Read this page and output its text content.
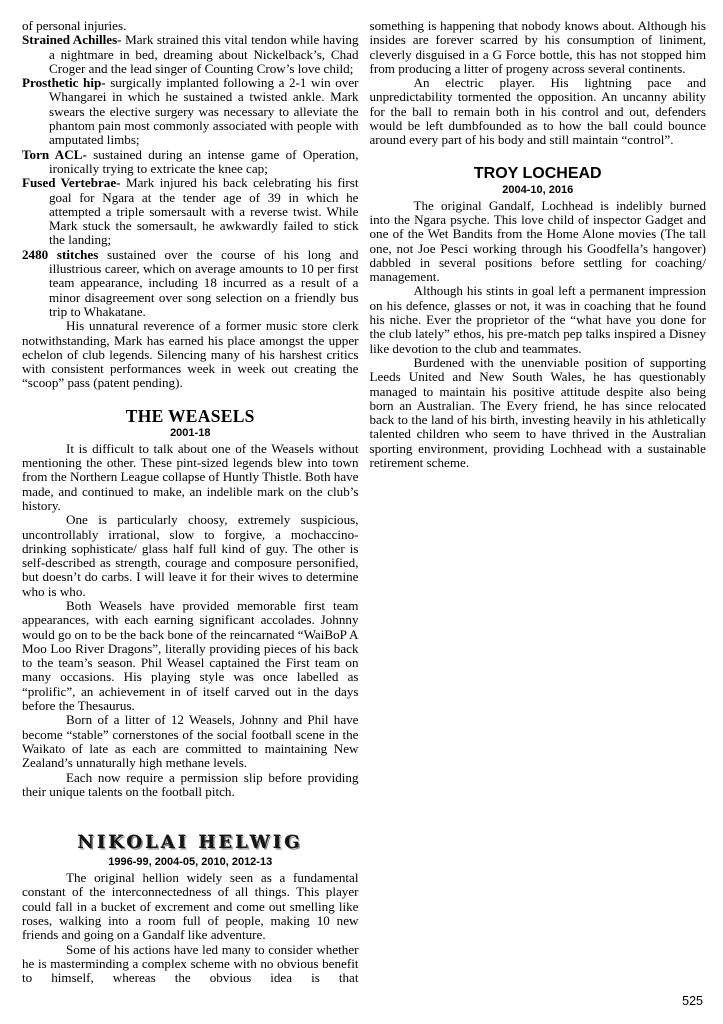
of personal injuries.

Strained Achilles- Mark strained this vital tendon while having a nightmare in bed, dreaming about Nickelback’s, Chad Croger and the lead singer of Counting Crow’s love child;

Prosthetic hip- surgically implanted following a 2-1 win over Whangarei in which he sustained a twisted ankle. Mark swears the elective surgery was necessary to alleviate the phantom pain most commonly associated with people with amputated limbs;

Torn ACL- sustained during an intense game of Operation, ironically trying to extricate the knee cap;

Fused Vertebrae- Mark injured his back celebrating his first goal for Ngara at the tender age of 39 in which he attempted a triple somersault with a reverse twist. While Mark stuck the somersault, he awkwardly failed to stick the landing;

2480 stitches sustained over the course of his long and illustrious career, which on average amounts to 10 per first team appearance, including 18 incurred as a result of a minor disagreement over song selection on a friendly bus trip to Whakatane.

His unnatural reverence of a former music store clerk notwithstanding, Mark has earned his place amongst the upper echelon of club legends. Silencing many of his harshest critics with consistent performances week in week out creating the “scoop” pass (patent pending).

THE WEASELS
2001-18

It is difficult to talk about one of the Weasels without mentioning the other. These pint-sized legends blew into town from the Northern League collapse of Huntly Thistle. Both have made, and continued to make, an indelible mark on the club’s history.

One is particularly choosy, extremely suspicious, uncontrollably irrational, slow to forgive, a mochaccino-drinking sophisticate/ glass half full kind of guy. The other is self-described as strength, courage and composure personified, but doesn’t do carbs. I will leave it for their wives to determine who is who.

Both Weasels have provided memorable first team appearances, with each earning significant accolades. Johnny would go on to be the back bone of the reincarnated “WaiBoP A Moo Loo River Dragons”, literally providing pieces of his back to the team’s season. Phil Weasel captained the First team on many occasions. His playing style was once labelled as “prolific”, an achievement in of itself carved out in the days before the Thesaurus.

Born of a litter of 12 Weasels, Johnny and Phil have become “stable” cornerstones of the social football scene in the Waikato of late as each are committed to maintaining New Zealand’s unnaturally high methane levels.

Each now require a permission slip before providing their unique talents on the football pitch.

NIKOLAI HELWIG
1996-99, 2004-05, 2010, 2012-13

The original hellion widely seen as a fundamental constant of the interconnectedness of all things. This player could fall in a bucket of excrement and come out smelling like roses, walking into a room full of people, making 10 new friends and going on a Gandalf like adventure.

Some of his actions have led many to consider whether he is masterminding a complex scheme with no obvious benefit to himself, whereas the obvious idea is that

something is happening that nobody knows about. Although his insides are forever scarred by his consumption of liniment, cleverly disguised in a G Force bottle, this has not stopped him from producing a litter of progeny across several continents.

An electric player. His lightning pace and unpredictability tormented the opposition. An uncanny ability for the ball to remain both in his control and out, defenders would be left dumbfounded as to how the ball could bounce around every part of his body and still maintain “control”.

TROY LOCHEAD
2004-10, 2016

The original Gandalf, Lochhead is indelibly burned into the Ngara psyche. This love child of inspector Gadget and one of the Wet Bandits from the Home Alone movies (The tall one, not Joe Pesci working through his Goodfella’s hangover) dabbled in several positions before settling for coaching/ management.

Although his stints in goal left a permanent impression on his defence, glasses or not, it was in coaching that he found his niche. Ever the proprietor of the “what have you done for the club lately” ethos, his pre-match pep talks inspired a Disney like devotion to the club and teammates.

Burdened with the unenviable position of supporting Leeds United and New South Wales, he has questionably managed to maintain his positive attitude despite also being born an Australian. The Every friend, he has since relocated back to the land of his birth, investing heavily in his athletically talented children who seem to have thrived in the Australian sporting environment, providing Lochhead with a sustainable retirement scheme.

525
